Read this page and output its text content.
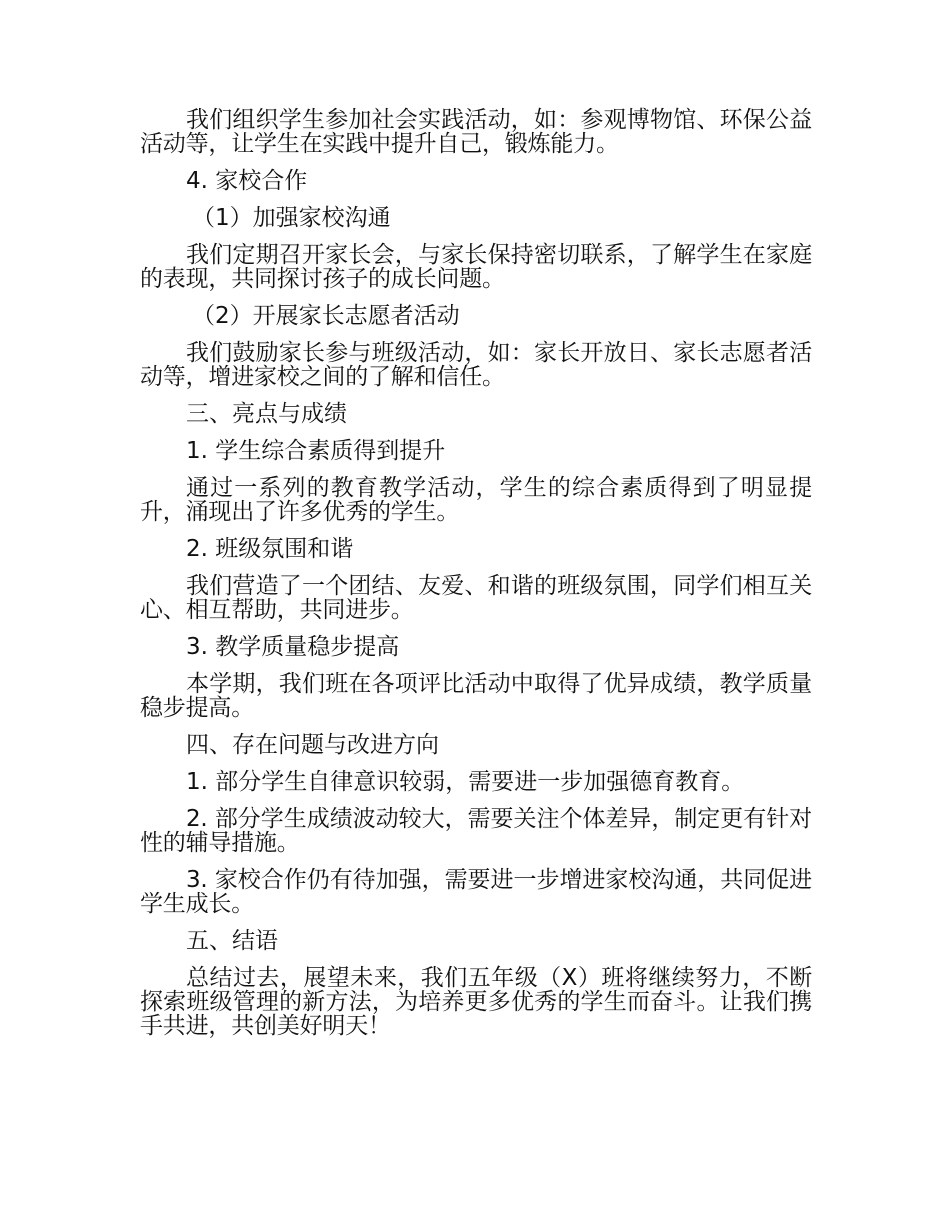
我们组织学生参加社会实践活动，如：参观博物馆、环保公益活动等，让学生在实践中提升自己，锻炼能力。

4. 家校合作
（1）加强家校沟通

我们定期召开家长会，与家长保持密切联系，了解学生在家庭的表现，共同探讨孩子的成长问题。

（2）开展家长志愿者活动

我们鼓励家长参与班级活动，如：家长开放日、家长志愿者活动等，增进家校之间的了解和信任。

三、亮点与成绩
1. 学生综合素质得到提升

通过一系列的教育教学活动，学生的综合素质得到了明显提升，涌现出了许多优秀的学生。

2. 班级氛围和谐

我们营造了一个团结、友爱、和谐的班级氛围，同学们相互关心、相互帮助，共同进步。

3. 教学质量稳步提高

本学期，我们班在各项评比活动中取得了优异成绩，教学质量稳步提高。

四、存在问题与改进方向
1. 部分学生自律意识较弱，需要进一步加强德育教育。

2. 部分学生成绩波动较大，需要关注个体差异，制定更有针对性的辅导措施。

3. 家校合作仍有待加强，需要进一步增进家校沟通，共同促进学生成长。

五、结语

总结过去，展望未来，我们五年级（X）班将继续努力，不断探索班级管理的新方法，为培养更多优秀的学生而奋斗。让我们携手共进，共创美好明天！
